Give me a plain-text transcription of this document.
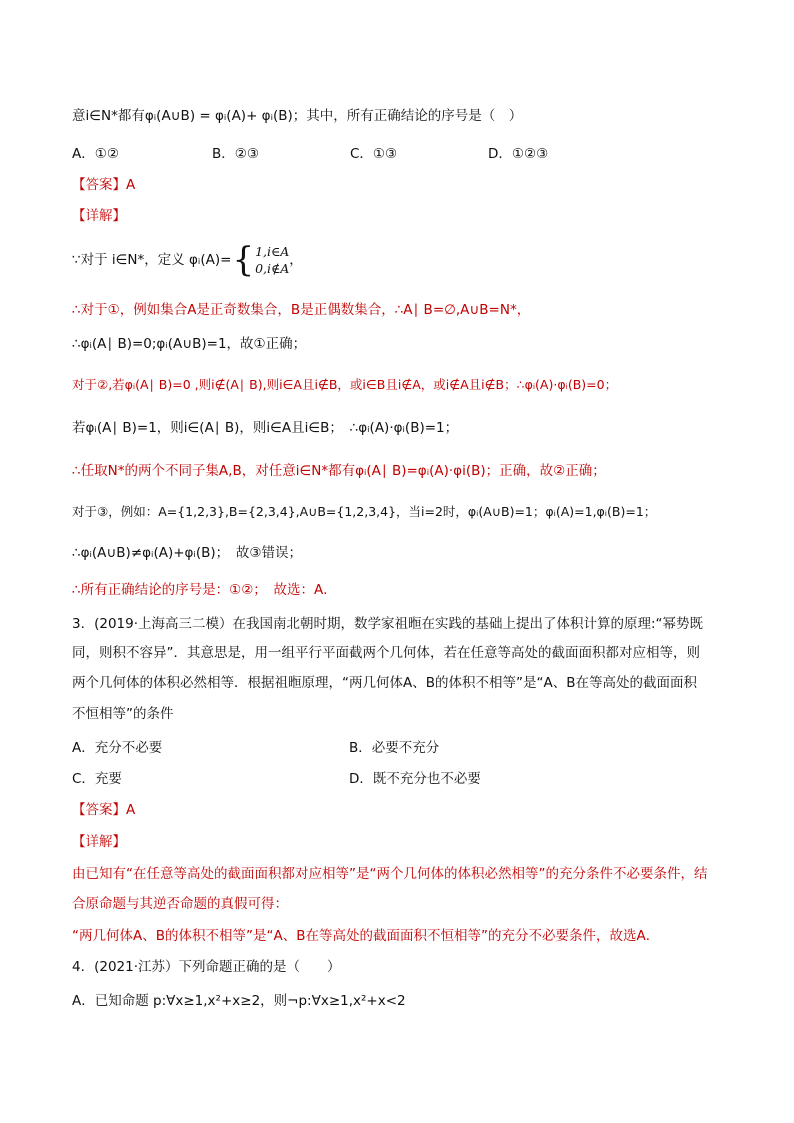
意i∈N*都有φᵢ(A∪B) = φᵢ(A)+ φᵢ(B)；其中，所有正确结论的序号是（　）
A．①②	B．②③	C．①③	D．①②③
【答案】A
【详解】
∵对于 i∈N*，定义 φᵢ(A)= { 1,i∈A
0,i∉A
，
∴对于①，例如集合A是正奇数集合，B是正偶数集合，∴A∣ B=∅,A∪B=N*，
∴φᵢ(A∣ B)=0;φᵢ(A∪B)=1，故①正确；
对于②,若φᵢ(A∣ B)=0 ,则i∉(A∣ B),则i∈A且i∉B，或i∈B且i∉A，或i∉A且i∉B；∴φᵢ(A)·φᵢ(B)=0；
若φᵢ(A∣ B)=1，则i∈(A∣ B)，则i∈A且i∈B；　∴φᵢ(A)·φᵢ(B)=1；
∴任取N*的两个不同子集A,B，对任意i∈N*都有φᵢ(A∣ B)=φᵢ(A)·φi(B)；正确，故②正确；
对于③，例如：A={1,2,3},B={2,3,4},A∪B={1,2,3,4}，当i=2时，φᵢ(A∪B)=1；φᵢ(A)=1,φᵢ(B)=1；
∴φᵢ(A∪B)≠φᵢ(A)+φᵢ(B)；　故③错误；
∴所有正确结论的序号是：①②；　故选：A．
3．(2019·上海高三二模）在我国南北朝时期，数学家祖暅在实践的基础上提出了体积计算的原理:“幂势既
同，则积不容异”．其意思是，用一组平行平面截两个几何体，若在任意等高处的截面面积都对应相等，则
两个几何体的体积必然相等．根据祖暅原理，“两几何体A、B的体积不相等”是“A、B在等高处的截面面积
不恒相等”的条件
A．充分不必要	B．必要不充分
C．充要	D．既不充分也不必要
【答案】A
【详解】
由已知有“在任意等高处的截面面积都对应相等”是“两个几何体的体积必然相等”的充分条件不必要条件，结
合原命题与其逆否命题的真假可得：
“两几何体A、B的体积不相等”是“A、B在等高处的截面面积不恒相等”的充分不必要条件，故选A．
4．(2021·江苏）下列命题正确的是（　　）
A．已知命题 p:∀x≥1,x²+x≥2，则¬p:∀x≥1,x²+x<2
